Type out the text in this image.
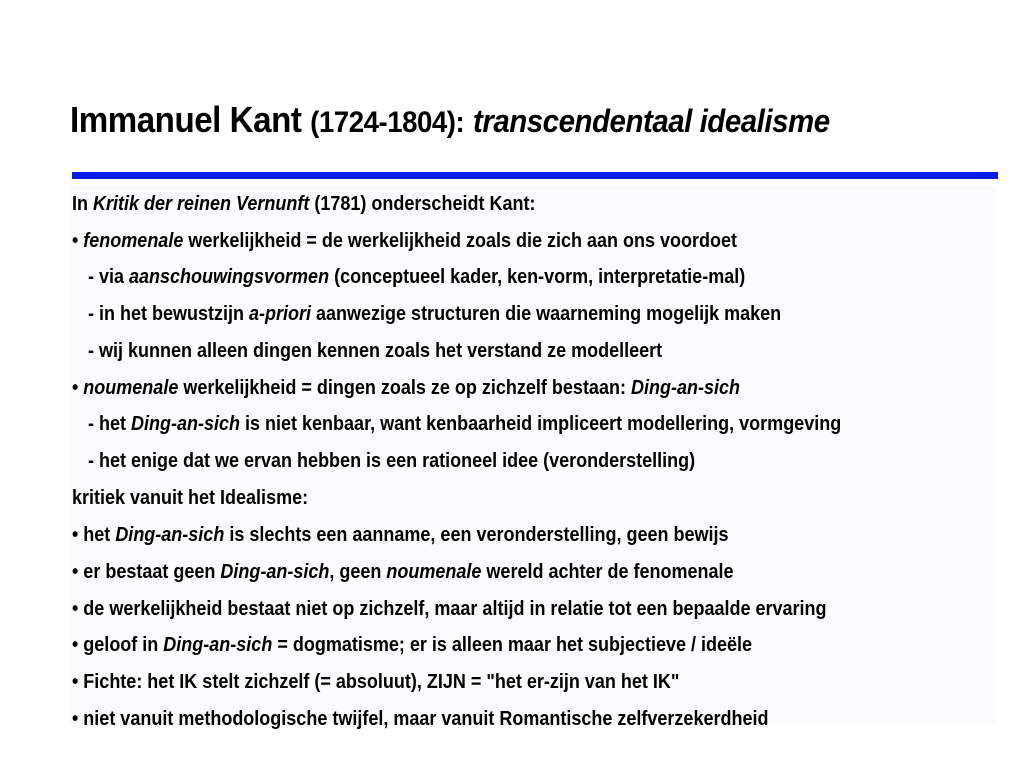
Immanuel Kant (1724-1804): transcendentaal idealisme

In Kritik der reinen Vernunft (1781) onderscheidt Kant:

• fenomenale werkelijkheid = de werkelijkheid zoals die zich aan ons voordoet

- via aanschouwingsvormen (conceptueel kader, ken-vorm, interpretatie-mal)

- in het bewustzijn a-priori aanwezige structuren die waarneming mogelijk maken

- wij kunnen alleen dingen kennen zoals het verstand ze modelleert

• noumenale werkelijkheid = dingen zoals ze op zichzelf bestaan: Ding-an-sich

- het Ding-an-sich is niet kenbaar, want kenbaarheid impliceert modellering, vormgeving

- het enige dat we ervan hebben is een rationeel idee (veronderstelling)

kritiek vanuit het Idealisme:

• het Ding-an-sich is slechts een aanname, een veronderstelling, geen bewijs

• er bestaat geen Ding-an-sich, geen noumenale wereld achter de fenomenale

• de werkelijkheid bestaat niet op zichzelf, maar altijd in relatie tot een bepaalde ervaring

• geloof in Ding-an-sich = dogmatisme; er is alleen maar het subjectieve / ideële

• Fichte: het IK stelt zichzelf (= absoluut), ZIJN = "het er-zijn van het IK"

• niet vanuit methodologische twijfel, maar vanuit Romantische zelfverzekerdheid
